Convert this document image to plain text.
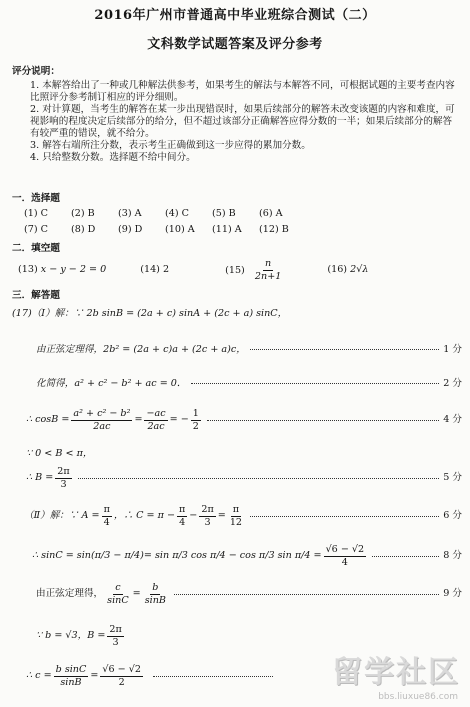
2016年广州市普通高中毕业班综合测试（二）
文科数学试题答案及评分参考
评分说明：
1. 本解答给出了一种或几种解法供参考，如果考生的解法与本解答不同，可根据试题的主要考查内容比照评分参考制订相应的评分细则。
2. 对计算题，当考生的解答在某一步出现错误时，如果后续部分的解答未改变该题的内容和难度，可视影响的程度决定后续部分的给分，但不超过该部分正确解答应得分数的一半；如果后续部分的解答有较严重的错误，就不给分。
3. 解答右端所注分数，表示考生正确做到这一步应得的累加分数。
4. 只给整数分数。选择题不给中间分。
一．选择题
(1) C	(2) B	(3) A	(4) C	(5) B	(6) A
(7) C	(8) D	(9) D	(10) A	(11) A	(12) B
二．填空题
(13) x − y − 2 = 0	(14) 2	$(15) \frac{n}{2n+1}$	(16) 2√λ
三．解答题
(17)（Ⅰ）解：∵ 2b sinB = (2a + c) sinA + (2c + a) sinC，
由正弦定理得，2b² = (2a + c)a + (2c + a)c，	1 分
化简得，a² + c² − b² + ac = 0．	2 分
∴ $\cos B = \frac{\text{a² + c² − b²}}{2ac} = \frac{-ac}{2ac}$ = − $\frac{1}{2}$	4 分
∵ 0 < B < π，
∴ $B = \frac{2\pi}{3}$	5 分
（Ⅱ）解：∵ $A = \frac{\pi}{4}$ ，∴ $C = \pi - \frac{\pi}{4} - \frac{2\pi}{3} = \frac{\pi}{12}$	6 分
∴ sinC = sin (π/3 − π/4) = sin π/3 cos π/4 − cos π/3 $\sin \pi/4 = \frac{√6 - √2}{4}$	8 分
由正弦定理得， $\frac{c}{\sin C} = \frac{b}{\sin B}$	9 分
∵ b = √3，$B = \frac{2\pi}{3}$
∴ $c = \frac{\text{b sinC}}{\sin B} = \frac{√6 - √2}{2}$	留学社区
bbs.liuxue86.com
